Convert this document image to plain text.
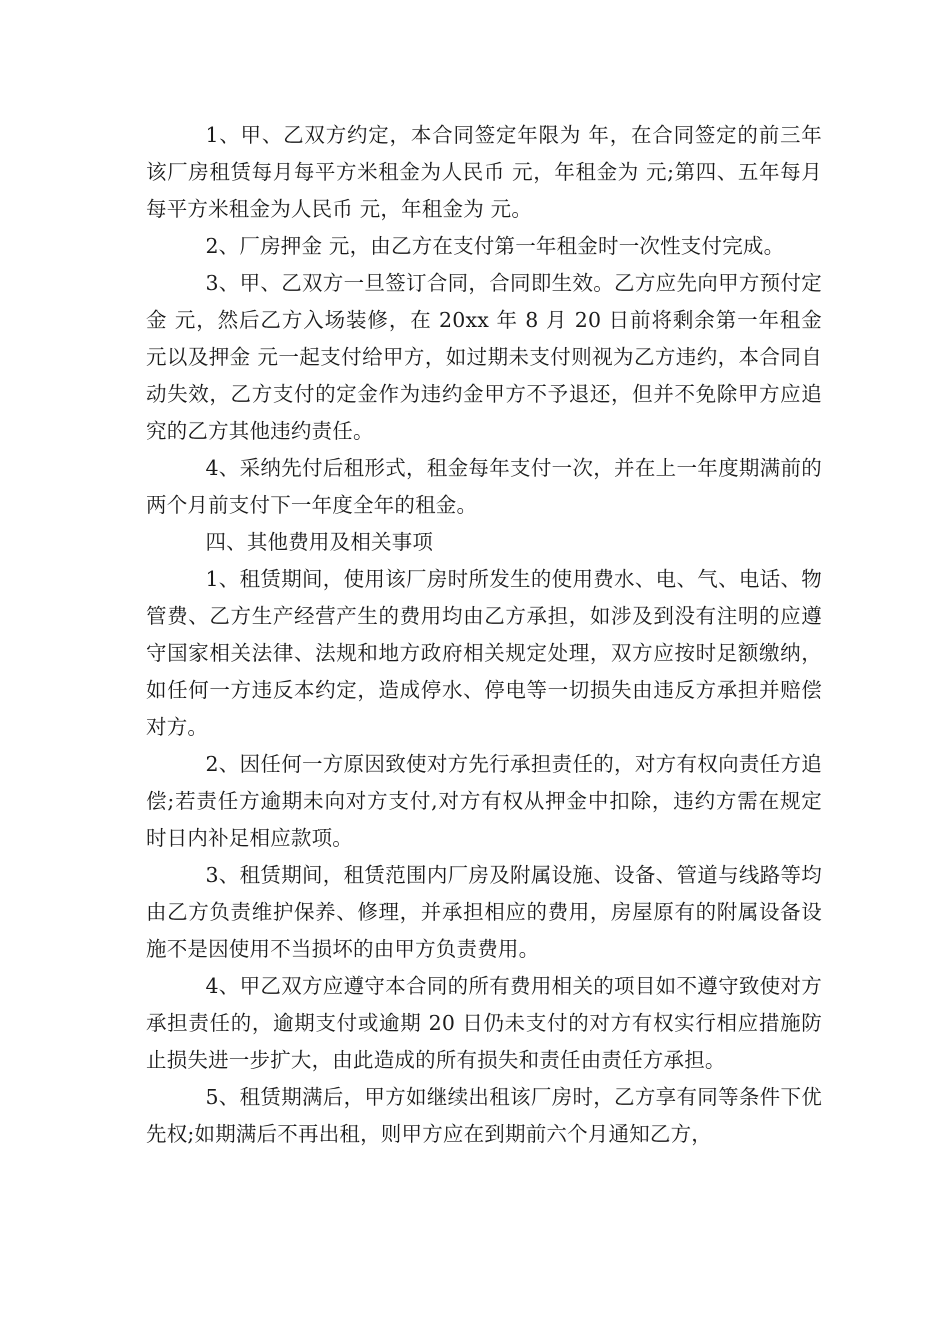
1、甲、乙双方约定，本合同签定年限为 年，在合同签定的前三年该厂房租赁每月每平方米租金为人民币 元，年租金为 元;第四、五年每月每平方米租金为人民币 元，年租金为 元。

2、厂房押金 元，由乙方在支付第一年租金时一次性支付完成。

3、甲、乙双方一旦签订合同，合同即生效。乙方应先向甲方预付定金 元，然后乙方入场装修，在 20xx 年 8 月 20 日前将剩余第一年租金 元以及押金 元一起支付给甲方，如过期未支付则视为乙方违约，本合同自动失效，乙方支付的定金作为违约金甲方不予退还，但并不免除甲方应追究的乙方其他违约责任。

4、采纳先付后租形式，租金每年支付一次，并在上一年度期满前的两个月前支付下一年度全年的租金。

四、其他费用及相关事项

1、租赁期间，使用该厂房时所发生的使用费水、电、气、电话、物管费、乙方生产经营产生的费用均由乙方承担，如涉及到没有注明的应遵守国家相关法律、法规和地方政府相关规定处理，双方应按时足额缴纳，如任何一方违反本约定，造成停水、停电等一切损失由违反方承担并赔偿对方。

2、因任何一方原因致使对方先行承担责任的，对方有权向责任方追偿;若责任方逾期未向对方支付,对方有权从押金中扣除，违约方需在规定时日内补足相应款项。

3、租赁期间，租赁范围内厂房及附属设施、设备、管道与线路等均由乙方负责维护保养、修理，并承担相应的费用，房屋原有的附属设备设施不是因使用不当损坏的由甲方负责费用。

4、甲乙双方应遵守本合同的所有费用相关的项目如不遵守致使对方承担责任的，逾期支付或逾期 20 日仍未支付的对方有权实行相应措施防止损失进一步扩大，由此造成的所有损失和责任由责任方承担。

5、租赁期满后，甲方如继续出租该厂房时，乙方享有同等条件下优先权;如期满后不再出租，则甲方应在到期前六个月通知乙方，
